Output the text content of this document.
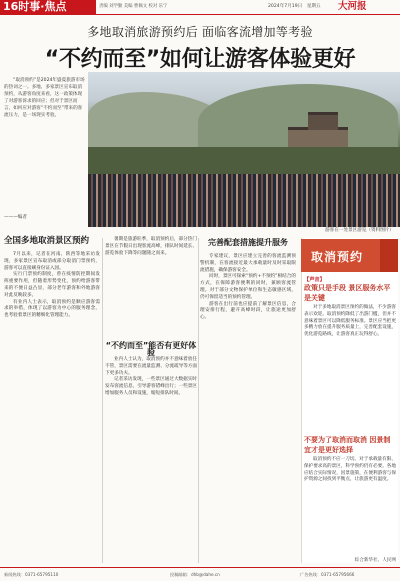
16时事·焦点	责编 刘学勤 美编 曹佩文 校对 乐宁	2024年7月19日　星期五 大河报
多地取消旅游预约后 面临客流增加等考验
“不约而至”如何让游客体验更好
“取消预约”是2024年盛夏旅游市场的热词之一。多地、多家景区宣布取消预约，从游客角度来看，这一政策体现了对游客诉求的回应；但对于景区而言，如何应对游客“不约而至”带来的客流压力，是一场现实考验。
———编者
游客在一处景区游览（资料图片）
全国多地取消景区预约

7月以来，记者在河南、陕西等地采访发现，多家景区宣布取消或部分取消门票预约，游客可以直接刷身份证入园。

实行门票预约制度，曾在疫情防控期间发挥重要作用，但随着形势变化，预约给游客带来的不便日益凸显，部分老年游客和外地游客对此反映较多。

有业内人士表示，取消预约是顺应游客需求的举措，体现了以游客为中心的服务理念，也考验着景区的精细化管理能力。

暑期是旅游旺季，取消预约后，部分热门景区在节假日出现客流高峰，排队时间延长、游览体验下降等问题随之而来。

“不约而至”能否有更好体验

业内人士认为，取消预约并不意味着放任不管，景区需要在流量监测、分流疏导等方面下更多功夫。

记者采访发现，一些景区通过大数据实时发布客流信息，引导游客错峰出行；一些景区增加服务人员和设施，缩短排队时间。

完善配套措施提升服务

专家建议，景区应建立完善的客流监测预警机制，在客流接近最大承载量时及时采取限流措施，确保游客安全。

同时，景区可探索“预约+不预约”相结合的方式，在保障游客便利的同时，兼顾客流管理。对于部分文物保护单位和生态敏感区域，仍可保留适当的预约管理。

游客在出行前也应提前了解景区信息，合理安排行程，避开高峰时段，让旅途更加舒心。

取消预约
【声音】
政策只是手段 景区服务水平是关键

对于多地取消景区预约的做法，不少游客表示欢迎。取消预约降低了出游门槛，但并不意味着景区可以降低服务标准。景区应当把更多精力放在提升服务质量上，完善配套设施，优化游览路线，让游客真正玩得舒心。

不要为了取消而取消 因景制宜才是更好选择

取消预约不应一刀切。对于承载量有限、保护要求高的景区，科学预约仍有必要。各地应结合实际情况，因景施策，在便利游客与保护资源之间找到平衡点，让旅游更有温度。

综合新华社、人民网
新闻热线：0371-65795110	投稿邮箱：dhb@dahe.cn	广告热线：0371-65795666
